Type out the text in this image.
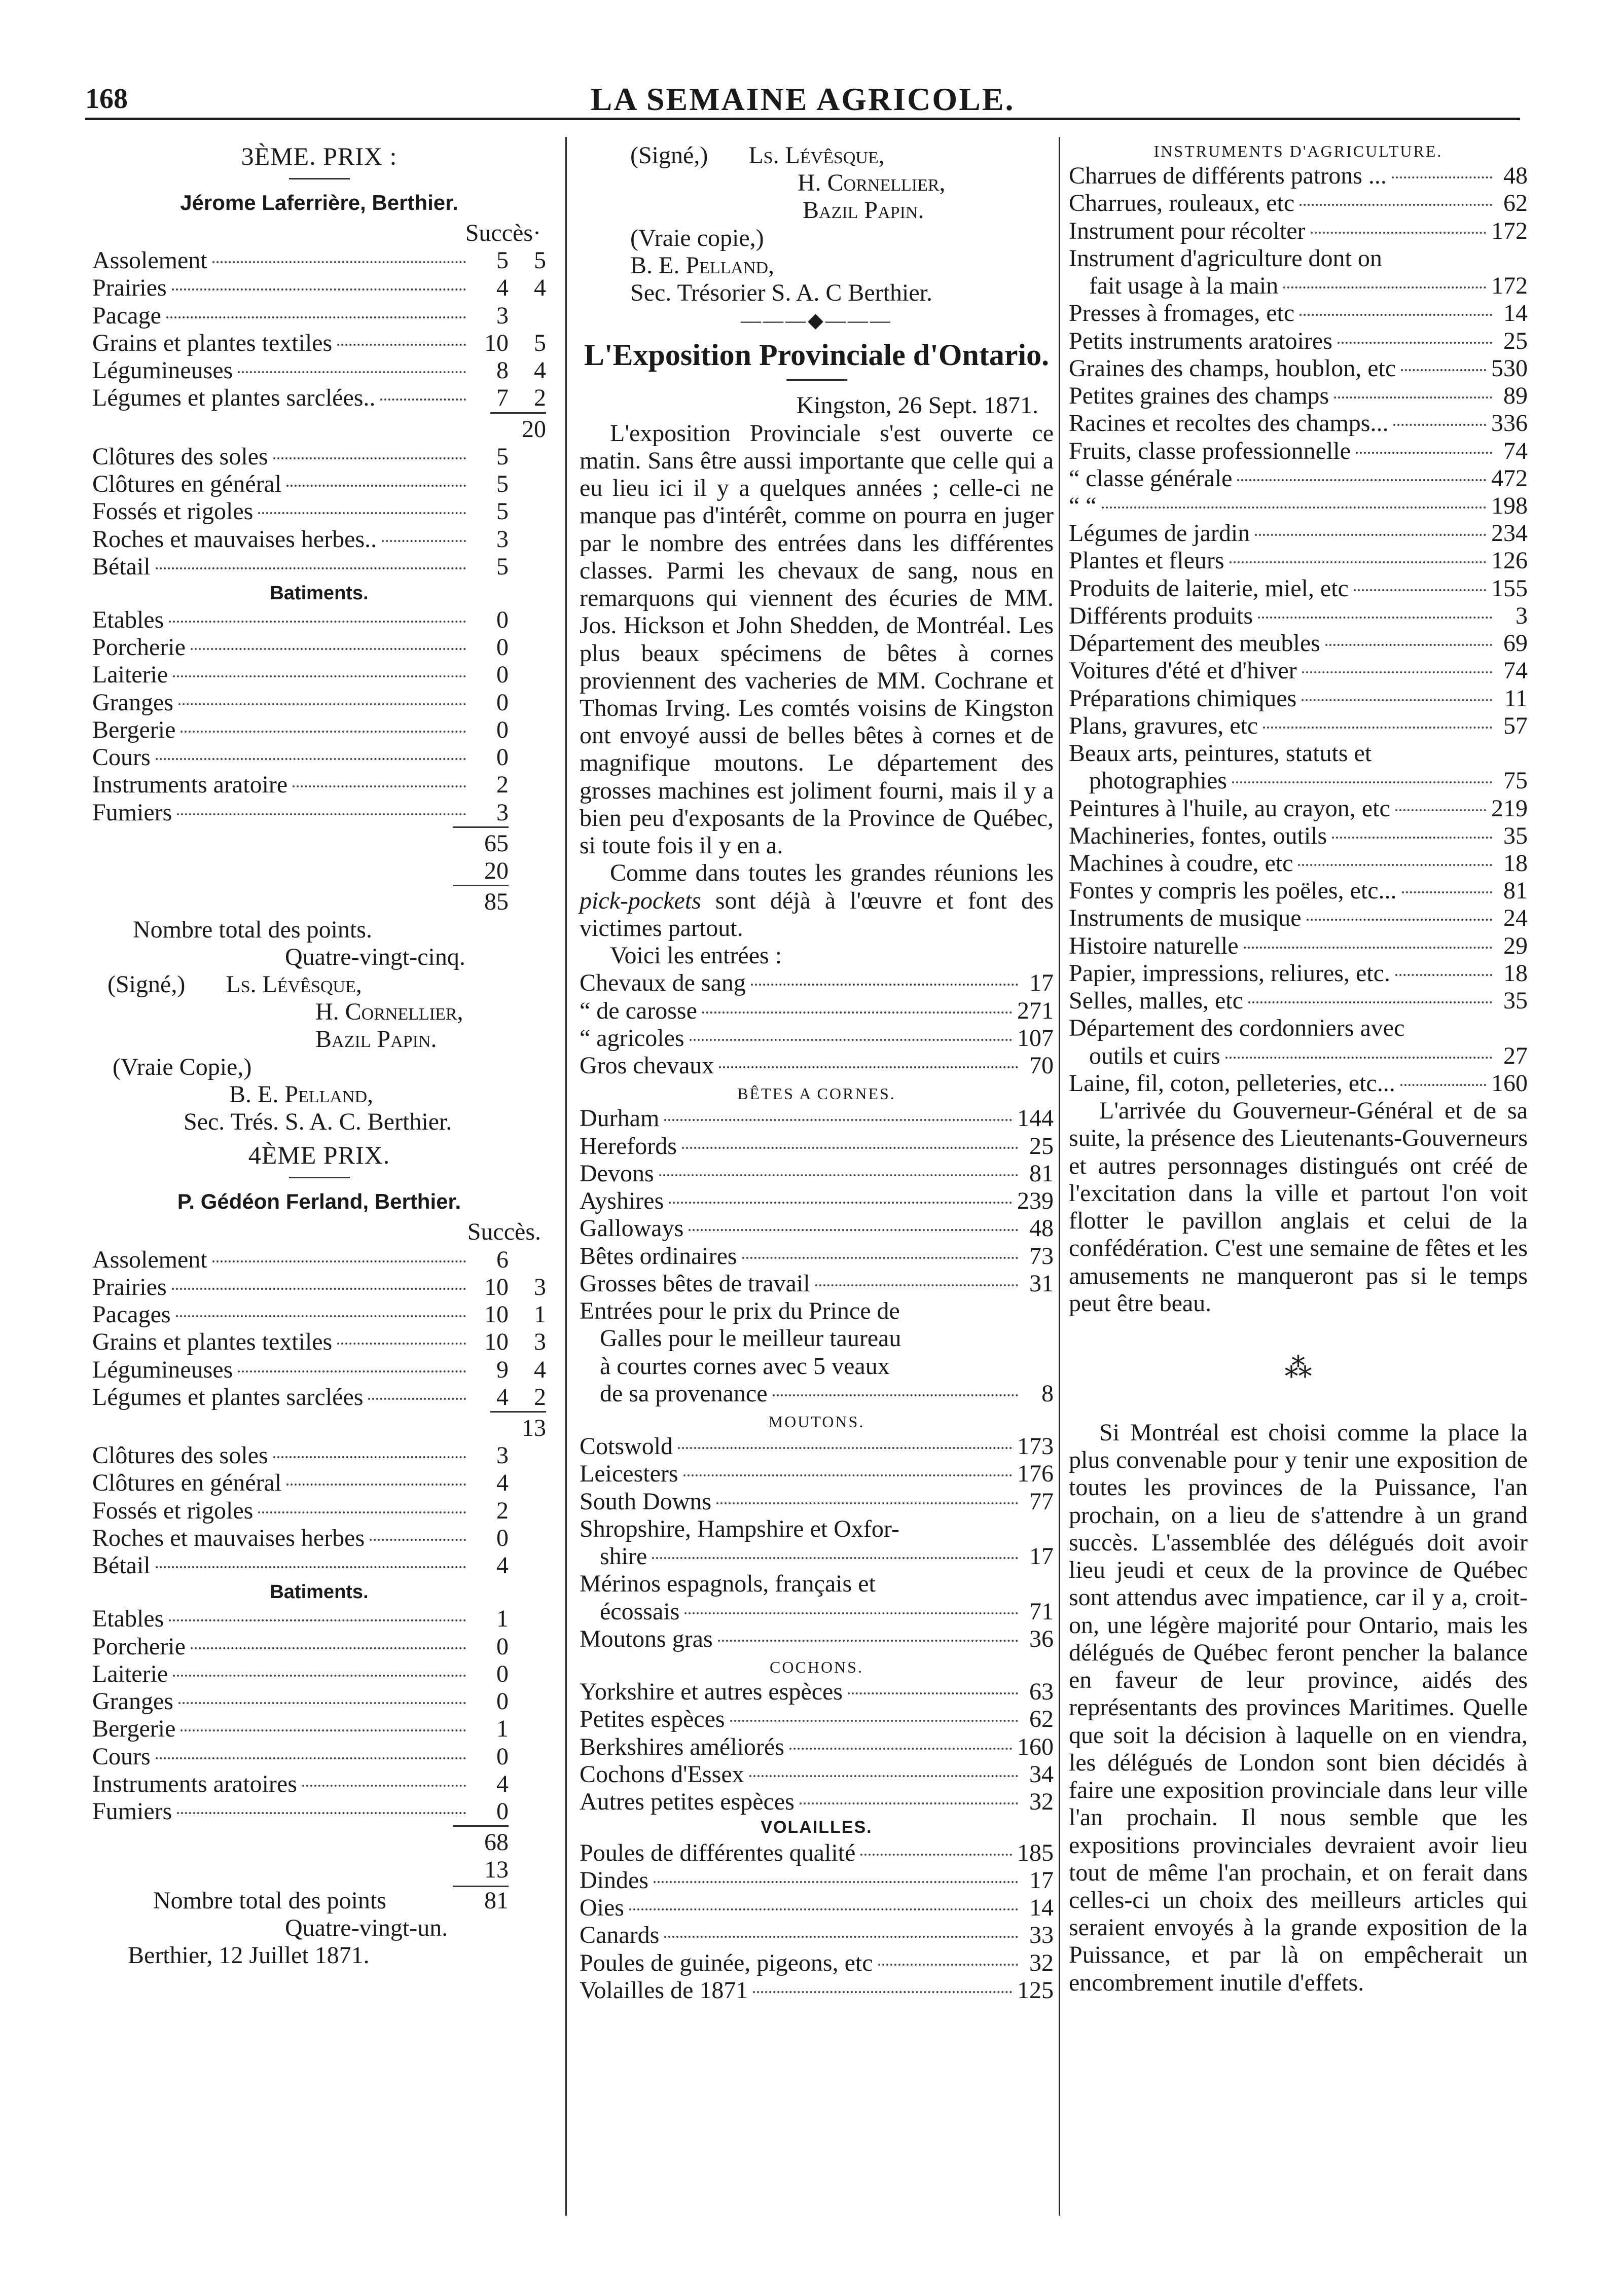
168	LA SEMAINE AGRICOLE.
3ÈME. PRIX :
Jérome Laferrière, Berthier.
Succès·
Assolement	5	5
Prairies	4	4
Pacage	3
Grains et plantes textiles	10	5
Légumineuses	8	4
Légumes et plantes sarclées..	7	2
20
Clôtures des soles	5
Clôtures en général	5
Fossés et rigoles	5
Roches et mauvaises herbes..	3
Bétail	5
Batiments.
Etables	0
Porcherie	0
Laiterie	0
Granges	0
Bergerie	0
Cours	0
Instruments aratoire	2
Fumiers	3
65
20
85
Nombre total des points.
Quatre-vingt-cinq.
(Signé,)	Ls. Lévêsque,
H. Cornellier,
Bazil Papin.
(Vraie Copie,)
B. E. Pelland,
Sec. Trés. S. A. C. Berthier.
4ÈME PRIX.
P. Gédéon Ferland, Berthier.
Succès.
Assolement	6
Prairies	10	3
Pacages	10	1
Grains et plantes textiles	10	3
Légumineuses	9	4
Légumes et plantes sarclées	4	2
13
Clôtures des soles	3
Clôtures en général	4
Fossés et rigoles	2
Roches et mauvaises herbes	0
Bétail	4
Batiments.
Etables	1
Porcherie	0
Laiterie	0
Granges	0
Bergerie	1
Cours	0
Instruments aratoires	4
Fumiers	0
68
13
Nombre total des points	81
Quatre-vingt-un.
Berthier, 12 Juillet 1871.
(Signé,)	Ls. Lévêsque,
H. Cornellier,
Bazil Papin.
(Vraie copie,)
B. E. Pelland,
Sec. Trésorier S. A. C Berthier.
———◆———
L'Exposition Provinciale d'Ontario.
Kingston, 26 Sept. 1871.

L'exposition Provinciale s'est ouverte ce matin. Sans être aussi importante que celle qui a eu lieu ici il y a quelques années ; celle-ci ne manque pas d'intérêt, comme on pourra en juger par le nombre des entrées dans les différentes classes. Parmi les chevaux de sang, nous en remarquons qui viennent des écuries de MM. Jos. Hickson et John Shedden, de Montréal. Les plus beaux spécimens de bêtes à cornes proviennent des vacheries de MM. Cochrane et Thomas Irving. Les comtés voisins de Kingston ont envoyé aussi de belles bêtes à cornes et de magnifique moutons. Le département des grosses machines est joliment fourni, mais il y a bien peu d'exposants de la Province de Québec, si toute fois il y en a.

Comme dans toutes les grandes réunions les pick-pockets sont déjà à l'œuvre et font des victimes partout.

Voici les entrées :
Chevaux de sang	17
“ de carosse	271
“ agricoles	107
Gros chevaux	70
BÊTES A CORNES.
Durham	144
Herefords	25
Devons	81
Ayshires	239
Galloways	48
Bêtes ordinaires	73
Grosses bêtes de travail	31
Entrées pour le prix du Prince de
Galles pour le meilleur taureau
à courtes cornes avec 5 veaux
de sa provenance	8
MOUTONS.
Cotswold	173
Leicesters	176
South Downs	77
Shropshire, Hampshire et Oxfor-
shire	17
Mérinos espagnols, français et
écossais	71
Moutons gras	36
COCHONS.
Yorkshire et autres espèces	63
Petites espèces	62
Berkshires améliorés	160
Cochons d'Essex	34
Autres petites espèces	32
VOLAILLES.
Poules de différentes qualité	185
Dindes	17
Oies	14
Canards	33
Poules de guinée, pigeons, etc	32
Volailles de 1871	125
INSTRUMENTS D'AGRICULTURE.
Charrues de différents patrons ...	48
Charrues, rouleaux, etc	62
Instrument pour récolter	172
Instrument d'agriculture dont on
fait usage à la main	172
Presses à fromages, etc	14
Petits instruments aratoires	25
Graines des champs, houblon, etc	530
Petites graines des champs	89
Racines et recoltes des champs...	336
Fruits, classe professionnelle	74
“ classe générale	472
“ “	198
Légumes de jardin	234
Plantes et fleurs	126
Produits de laiterie, miel, etc	155
Différents produits	3
Département des meubles	69
Voitures d'été et d'hiver	74
Préparations chimiques	11
Plans, gravures, etc	57
Beaux arts, peintures, statuts et
photographies	75
Peintures à l'huile, au crayon, etc	219
Machineries, fontes, outils	35
Machines à coudre, etc	18
Fontes y compris les poëles, etc...	81
Instruments de musique	24
Histoire naturelle	29
Papier, impressions, reliures, etc.	18
Selles, malles, etc	35
Département des cordonniers avec
outils et cuirs	27
Laine, fil, coton, pelleteries, etc...	160

L'arrivée du Gouverneur-Général et de sa suite, la présence des Lieutenants-Gouverneurs et autres personnages distingués ont créé de l'excitation dans la ville et partout l'on voit flotter le pavillon anglais et celui de la confédération. C'est une semaine de fêtes et les amusements ne manqueront pas si le temps peut être beau.

⁂

Si Montréal est choisi comme la place la plus convenable pour y tenir une exposition de toutes les provinces de la Puissance, l'an prochain, on a lieu de s'attendre à un grand succès. L'assemblée des délégués doit avoir lieu jeudi et ceux de la province de Québec sont attendus avec impatience, car il y a, croit-on, une légère majorité pour Ontario, mais les délégués de Québec feront pencher la balance en faveur de leur province, aidés des représentants des provinces Maritimes. Quelle que soit la décision à laquelle on en viendra, les délégués de London sont bien décidés à faire une exposition provinciale dans leur ville l'an prochain. Il nous semble que les expositions provinciales devraient avoir lieu tout de même l'an prochain, et on ferait dans celles-ci un choix des meilleurs articles qui seraient envoyés à la grande exposition de la Puissance, et par là on empêcherait un encombrement inutile d'effets.
